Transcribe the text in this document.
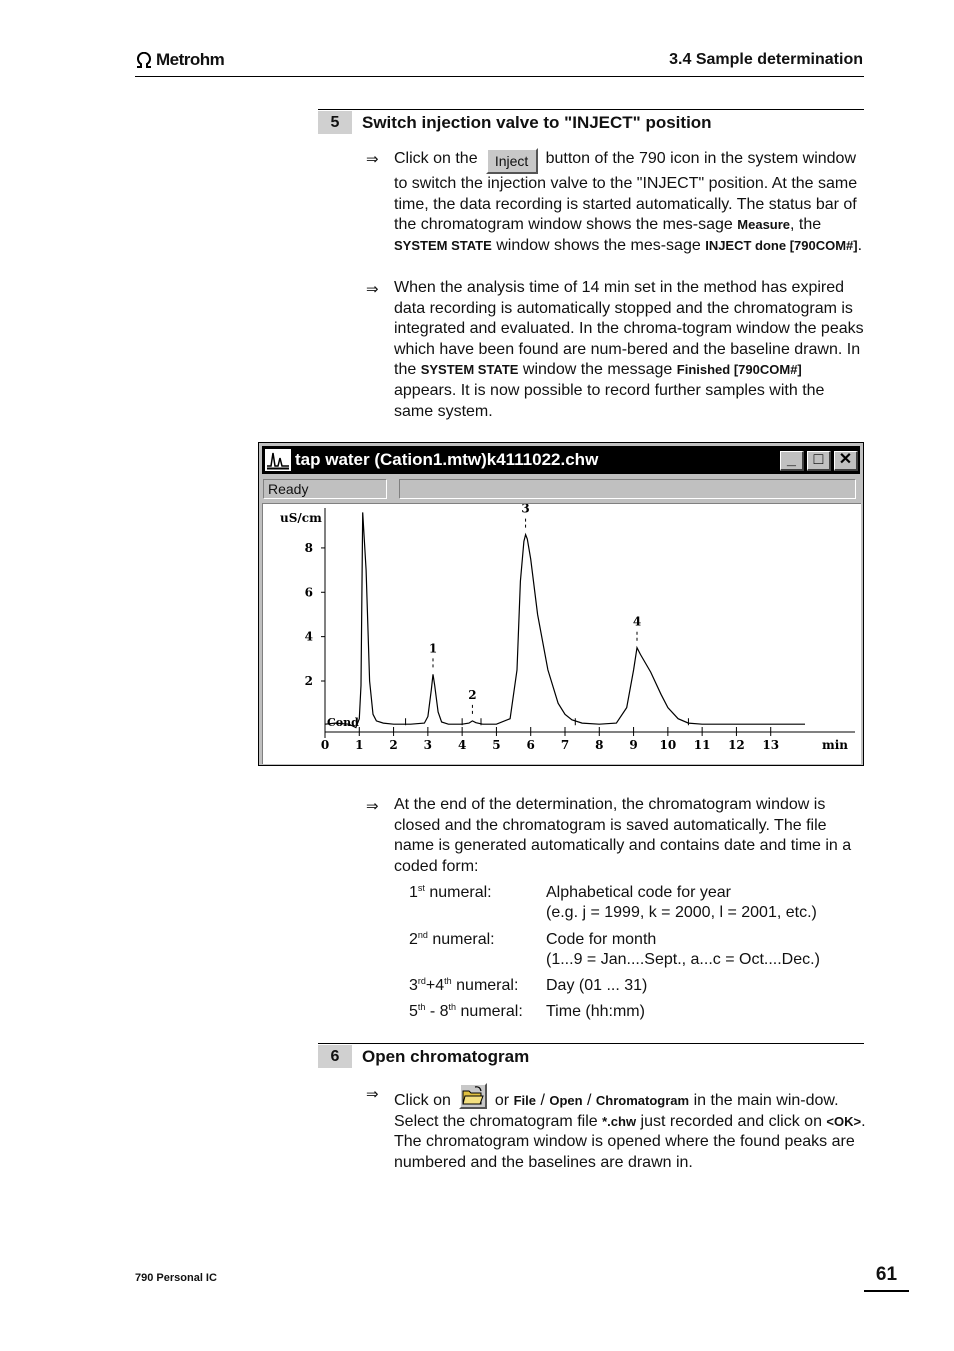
Metrohm	3.4 Sample determination
5	Switch injection valve to "INJECT" position
⇒ Click on the Inject button of the 790 icon in the system window to switch the injection valve to the "INJECT" position. At the same time, the data recording is started automatically. The status bar of the chromatogram window shows the mes-sage Measure, the SYSTEM STATE window shows the mes-sage INJECT done [790COM#].
⇒ When the analysis time of 14 min set in the method has expired data recording is automatically stopped and the chromatogram is integrated and evaluated. In the chroma-togram window the peaks which have been found are num-bered and the baseline drawn. In the SYSTEM STATE window the message Finished [790COM#] appears. It is now possible to record further samples with the same system.
tap water (Cation1.mtw)k4111022.chw	_	□ ✕
Ready
2
4
6
8
uS/cm
0 1 2 3 4 5 6 7 8 9 10 11 12 13	min
Cond
1
2
3
4
⇒ At the end of the determination, the chromatogram window is closed and the chromatogram is saved automatically. The file name is generated automatically and contains date and time in a coded form:
1st numeral:	Alphabetical code for year
(e.g. j = 1999, k = 2000, l = 2001, etc.)
2nd numeral:	Code for month
(1...9 = Jan....Sept., a...c = Oct....Dec.)
3rd+4th numeral: Day (01 ... 31)
5th - 8th numeral: Time (hh:mm)
6	Open chromatogram
⇒ Click on	or File / Open / Chromatogram in the main win-dow. Select the chromatogram file *.chw just recorded and click on <OK>. The chromatogram window is opened where the found peaks are numbered and the baselines are drawn in.
790 Personal IC	61
